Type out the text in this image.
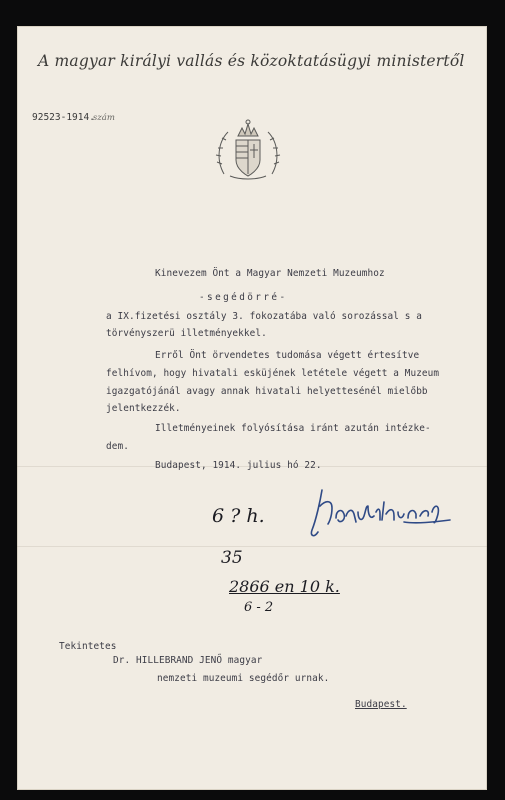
A magyar királyi vallás és közoktatásügyi ministertől
92523-1914.szám
Kinevezem Önt a Magyar Nemzeti Muzeumhoz
-segédörré-
a IX.fizetési osztály 3. fokozatába való sorozással s a
törvényszerü illetményekkel.
Erről Önt örvendetes tudomása végett értesítve
felhívom, hogy hivatali esküjének letétele végett a Muzeum
igazgatójánál avagy annak hivatali helyettesénél mielőbb
jelentkezzék.
Illetményeinek folyósítása iránt azután intézke-
dem.
Budapest, 1914. julius hó 22.
6 ? h.
35
2866 en 10 k.
6 - 2
Tekintetes
Dr. HILLEBRAND JENŐ magyar
nemzeti muzeumi segédőr urnak.
Budapest.
